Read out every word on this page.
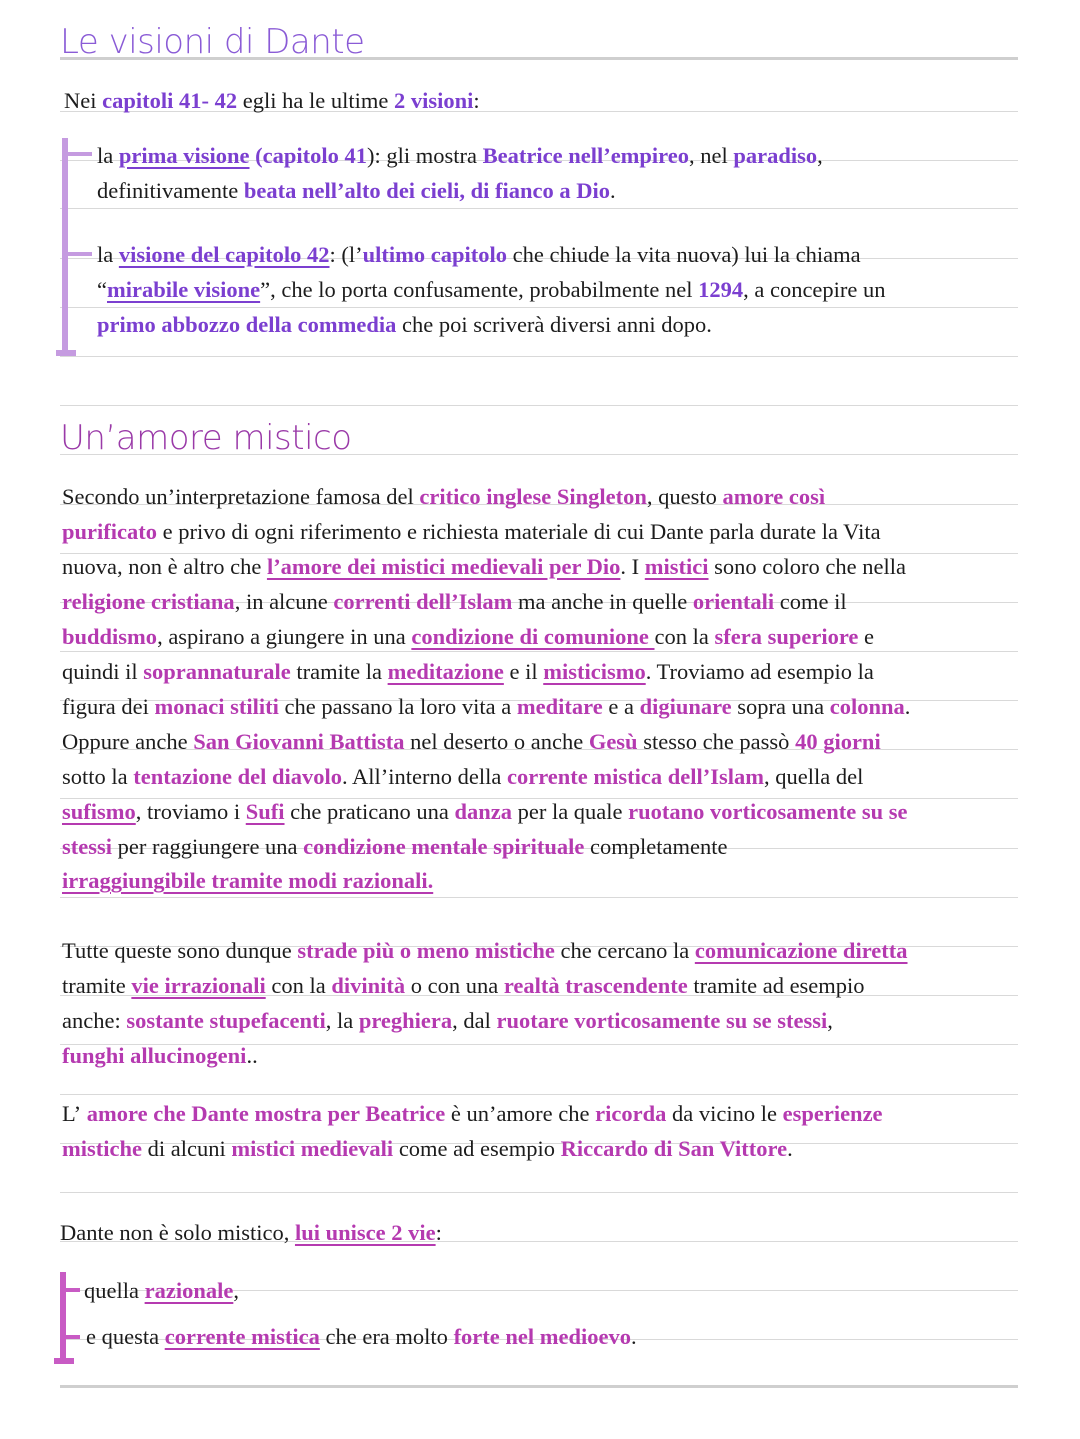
Le visioni di Dante
Nei capitoli 41- 42 egli ha le ultime 2 visioni:
la prima visione (capitolo 41): gli mostra Beatrice nell’empireo, nel paradiso,
definitivamente beata nell’alto dei cieli, di fianco a Dio.
la visione del capitolo 42: (l’ultimo capitolo che chiude la vita nuova) lui la chiama
“mirabile visione”, che lo porta confusamente, probabilmente nel 1294, a concepire un
primo abbozzo della commedia che poi scriverà diversi anni dopo.
Un’amore mistico
Secondo un’interpretazione famosa del critico inglese Singleton, questo amore così
purificato e privo di ogni riferimento e richiesta materiale di cui Dante parla durate la Vita
nuova, non è altro che l’amore dei mistici medievali per Dio. I mistici sono coloro che nella
religione cristiana, in alcune correnti dell’Islam ma anche in quelle orientali come il
buddismo, aspirano a giungere in una condizione di comunione con la sfera superiore e
quindi il soprannaturale tramite la meditazione e il misticismo. Troviamo ad esempio la
figura dei monaci stiliti che passano la loro vita a meditare e a digiunare sopra una colonna.
Oppure anche San Giovanni Battista nel deserto o anche Gesù stesso che passò 40 giorni
sotto la tentazione del diavolo. All’interno della corrente mistica dell’Islam, quella del
sufismo, troviamo i Sufi che praticano una danza per la quale ruotano vorticosamente su se
stessi per raggiungere una condizione mentale spirituale completamente
irraggiungibile tramite modi razionali.
Tutte queste sono dunque strade più o meno mistiche che cercano la comunicazione diretta
tramite vie irrazionali con la divinità o con una realtà trascendente tramite ad esempio
anche: sostante stupefacenti, la preghiera, dal ruotare vorticosamente su se stessi,
funghi allucinogeni..
L’ amore che Dante mostra per Beatrice è un’amore che ricorda da vicino le esperienze
mistiche di alcuni mistici medievali come ad esempio Riccardo di San Vittore.
Dante non è solo mistico, lui unisce 2 vie:
quella razionale,
e questa corrente mistica che era molto forte nel medioevo.
